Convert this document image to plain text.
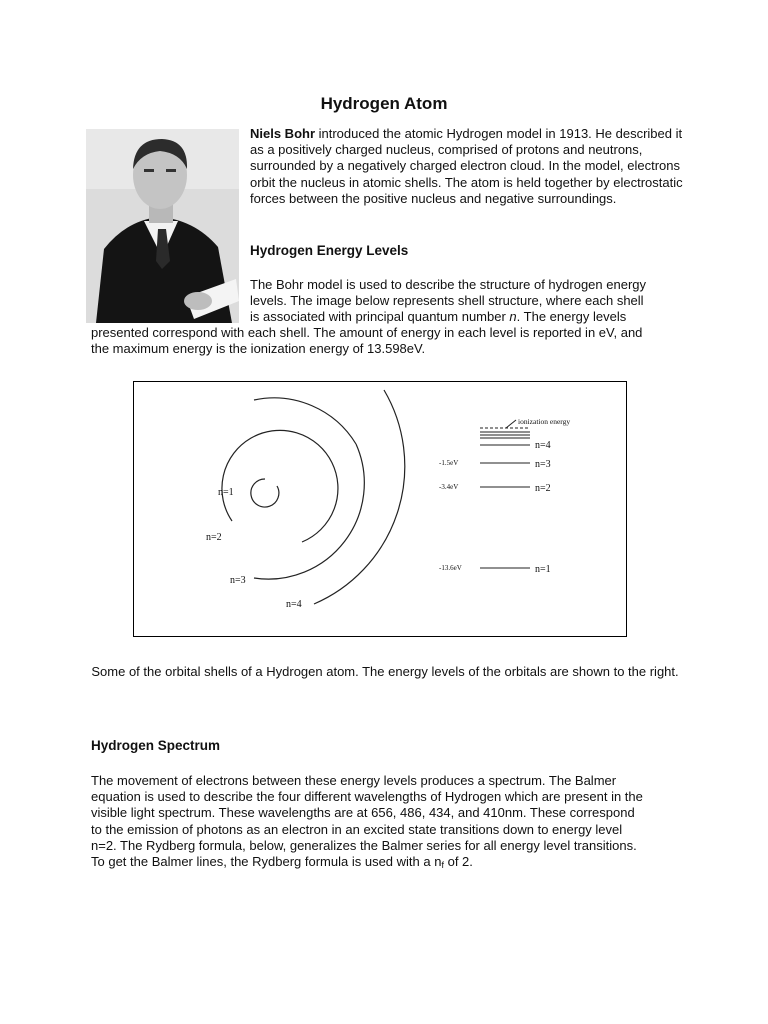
Hydrogen Atom
Niels Bohr introduced the atomic Hydrogen model in 1913. He described it as a positively charged nucleus, comprised of protons and neutrons, surrounded by a negatively charged electron cloud. In the model, electrons orbit the nucleus in atomic shells. The atom is held together by electrostatic forces between the positive nucleus and negative surroundings.
Hydrogen Energy Levels
The Bohr model is used to describe the structure of hydrogen energy
levels. The image below represents shell structure, where each shell
is associated with principal quantum number n. The energy levels
presented correspond with each shell. The amount of energy in each level is reported in eV, and
the maximum energy is the ionization energy of 13.598eV.
n=1
n=2
n=3
n=4
ionization energy
n=4
-1.5eV	n=3
-3.4eV	n=2
-13.6eV	n=1
Some of the orbital shells of a Hydrogen atom. The energy levels of the orbitals are shown to the right.
Hydrogen Spectrum
The movement of electrons between these energy levels produces a spectrum. The Balmer
equation is used to describe the four different wavelengths of Hydrogen which are present in the
visible light spectrum. These wavelengths are at 656, 486, 434, and 410nm. These correspond
to the emission of photons as an electron in an excited state transitions down to energy level
n=2. The Rydberg formula, below, generalizes the Balmer series for all energy level transitions.
To get the Balmer lines, the Rydberg formula is used with a $n_f$ of 2.
